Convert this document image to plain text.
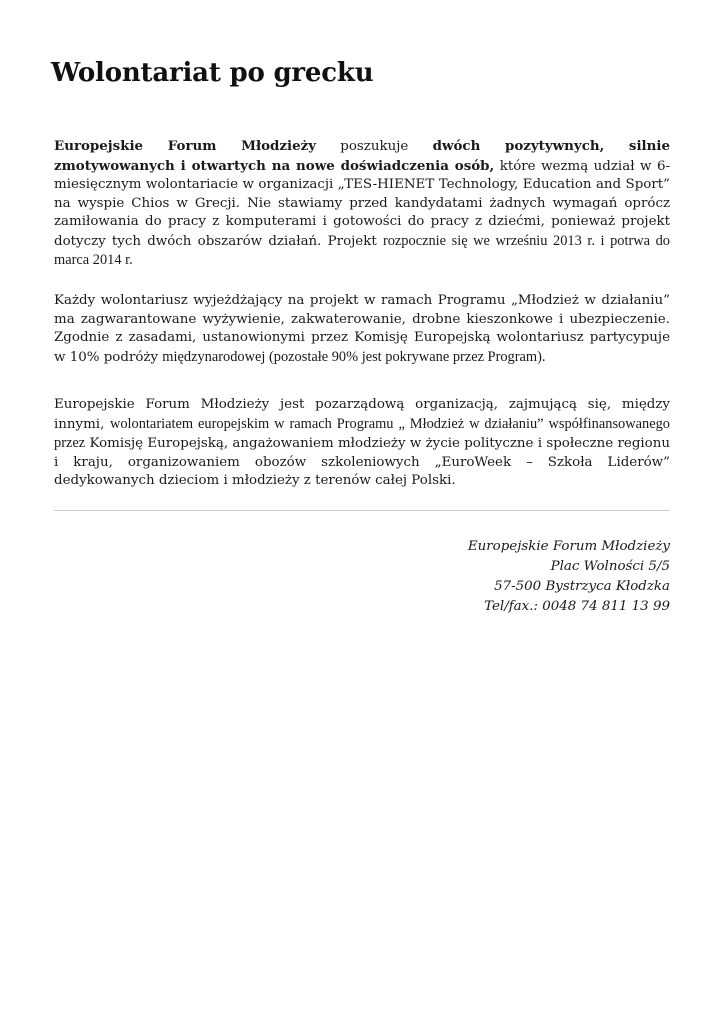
Wolontariat po grecku

Europejskie Forum Młodzieży poszukuje dwóch pozytywnych, silnie zmotywowanych i otwartych na nowe doświadczenia osób, które wezmą udział w 6-miesięcznym wolontariacie w organizacji „TES-HIENET Technology, Education and Sport” na wyspie Chios w Grecji. Nie stawiamy przed kandydatami żadnych wymagań oprócz zamiłowania do pracy z komputerami i gotowości do pracy z dziećmi, ponieważ projekt dotyczy tych dwóch obszarów działań. Projekt rozpocznie się we wrześniu 2013 r. i potrwa do marca 2014 r.

Każdy wolontariusz wyjeżdżający na projekt w ramach Programu „Młodzież w działaniu” ma zagwarantowane wyżywienie, zakwaterowanie, drobne kieszonkowe i ubezpieczenie. Zgodnie z zasadami, ustanowionymi przez Komisję Europejską wolontariusz partycypuje w 10% podróży międzynarodowej (pozostałe 90% jest pokrywane przez Program).

Europejskie Forum Młodzieży jest pozarządową organizacją, zajmującą się, między innymi, wolontariatem europejskim w ramach Programu „ Młodzież w działaniu” współfinansowanego przez Komisję Europejską, angażowaniem młodzieży w życie polityczne i społeczne regionu i kraju, organizowaniem obozów szkoleniowych „EuroWeek – Szkoła Liderów” dedykowanych dzieciom i młodzieży z terenów całej Polski.

Europejskie Forum Młodzieży
Plac Wolności 5/5
57-500 Bystrzyca Kłodzka
Tel/fax.: 0048 74 811 13 99
